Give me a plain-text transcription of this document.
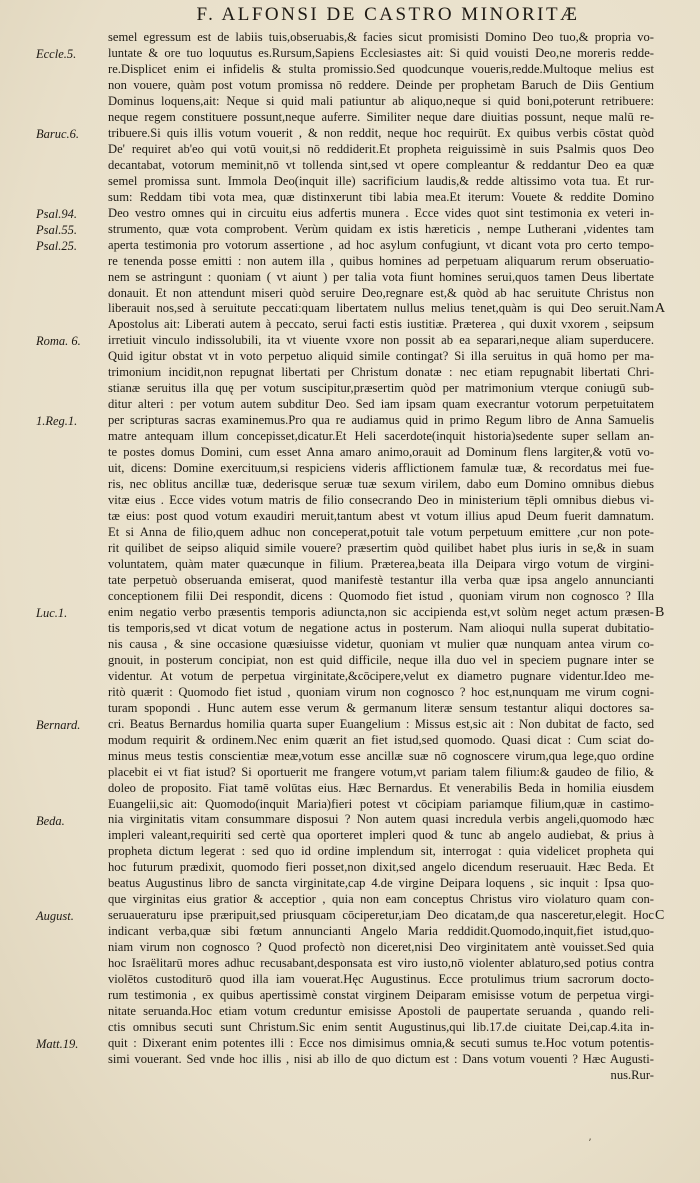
F. ALFONSI DE CASTRO MINORITÆ
Eccle.5.
Baruc.6.
Psal.94.
Psal.55.
Psal.25.
Roma. 6.
1.Reg.1.
Luc.1.
Bernard.
Beda.
August.
Matt.19.
A
B
C
semel egressum est de labiis tuis,obseruabis,& facies sicut promisisti Domino Deo tuo,& propria vo-
luntate & ore tuo loquutus es.Rursum,Sapiens Ecclesiastes ait: Si quid vouisti Deo,ne moreris redde-
re.Displicet enim ei infidelis & stulta promissio.Sed quodcunque voueris,redde.Multoque melius est
non vouere, quàm post votum promissa nō reddere. Deinde per prophetam Baruch de Diis Gentium
Dominus loquens,ait: Neque si quid mali patiuntur ab aliquo,neque si quid boni,poterunt retribuere:
neque regem constituere possunt,neque auferre. Similiter neque dare diuitias possunt, neque malū re-
tribuere.Si quis illis votum vouerit , & non reddit, neque hoc requirūt. Ex quibus verbis cōstat quòd
De' requiret ab'eo qui votū vouit,si nō reddiderit.Et propheta reiguissimè in suis Psalmis quos Deo
decantabat, votorum meminit,nō vt tollenda sint,sed vt opere compleantur & reddantur Deo ea quæ
semel promissa sunt. Immola Deo(inquit ille) sacrificium laudis,& redde altissimo vota tua. Et rur-
sum: Reddam tibi vota mea, quæ distinxerunt tibi labia mea.Et iterum: Vouete & reddite Domino
Deo vestro omnes qui in circuitu eius adfertis munera . Ecce vides quot sint testimonia ex veteri in-
strumento, quæ vota comprobent. Verùm quidam ex istis hæreticis , nempe Lutherani ,videntes tam
aperta testimonia pro votorum assertione , ad hoc asylum confugiunt, vt dicant vota pro certo tempo-
re tenenda posse emitti : non autem illa , quibus homines ad perpetuam aliquarum rerum obseruatio-
nem se astringunt : quoniam ( vt aiunt ) per talia vota fiunt homines serui,quos tamen Deus libertate
donauit. Et non attendunt miseri quòd seruire Deo,regnare est,& quòd ab hac seruitute Christus non
liberauit nos,sed à seruitute peccati:quam libertatem nullus melius tenet,quàm is qui Deo seruit.Nam
Apostolus ait: Liberati autem à peccato, serui facti estis iustitiæ. Præterea , qui duxit vxorem , seipsum
irretiuit vinculo indissolubili, ita vt viuente vxore non possit ab ea separari,neque aliam superducere.
Quid igitur obstat vt in voto perpetuo aliquid simile contingat? Si illa seruitus in quā homo per ma-
trimonium incidit,non repugnat libertati per Christum donatæ : nec etiam repugnabit libertati Chri-
stianæ seruitus illa quę per votum suscipitur,præsertim quòd per matrimonium vterque coniugū sub-
ditur alteri : per votum autem subditur Deo. Sed iam ipsam quam execrantur votorum perpetuitatem
per scripturas sacras examinemus.Pro qua re audiamus quid in primo Regum libro de Anna Samuelis
matre antequam illum concepisset,dicatur.Et Heli sacerdote(inquit historia)sedente super sellam an-
te postes domus Domini, cum esset Anna amaro animo,orauit ad Dominum flens largiter,& votū vo-
uit, dicens: Domine exercituum,si respiciens videris afflictionem famulæ tuæ, & recordatus mei fue-
ris, nec oblitus ancillæ tuæ, dederisque seruæ tuæ sexum virilem, dabo eum Domino omnibus diebus
vitæ eius . Ecce vides votum matris de filio consecrando Deo in ministerium tēpli omnibus diebus vi-
tæ eius: post quod votum exaudiri meruit,tantum abest vt votum illius apud Deum fuerit damnatum.
Et si Anna de filio,quem adhuc non conceperat,potuit tale votum perpetuum emittere ,cur non pote-
rit quilibet de seipso aliquid simile vouere? præsertim quòd quilibet habet plus iuris in se,& in suam
voluntatem, quàm mater quæcunque in filium. Præterea,beata illa Deipara virgo votum de virgini-
tate perpetuò obseruanda emiserat, quod manifestè testantur illa verba quæ ipsa angelo annuncianti
conceptionem filii Dei respondit, dicens : Quomodo fiet istud , quoniam virum non cognosco ? Illa
enim negatio verbo præsentis temporis adiuncta,non sic accipienda est,vt solùm neget actum præsen-
tis temporis,sed vt dicat votum de negatione actus in posterum. Nam alioqui nulla superat dubitatio-
nis causa , & sine occasione quæsiuisse videtur, quoniam vt mulier quæ nunquam antea virum co-
gnouit, in posterum concipiat, non est quid difficile, neque illa duo vel in speciem pugnare inter se
videntur. At votum de perpetua virginitate,&cōcipere,velut ex diametro pugnare videntur.Ideo me-
ritò quærit : Quomodo fiet istud , quoniam virum non cognosco ? hoc est,nunquam me virum cogni-
turam spopondi . Hunc autem esse verum & germanum literæ sensum testantur aliqui doctores sa-
cri. Beatus Bernardus homilia quarta super Euangelium : Missus est,sic ait : Non dubitat de facto, sed
modum requirit & ordinem.Nec enim quærit an fiet istud,sed quomodo. Quasi dicat : Cum sciat do-
minus meus testis conscientiæ meæ,votum esse ancillæ suæ nō cognoscere virum,qua lege,quo ordine
placebit ei vt fiat istud? Si oportuerit me frangere votum,vt pariam talem filium:& gaudeo de filio, &
doleo de proposito. Fiat tamē volūtas eius. Hæc Bernardus. Et venerabilis Beda in homilia eiusdem
Euangelii,sic ait: Quomodo(inquit Maria)fieri potest vt cōcipiam pariamque filium,quæ in castimo-
nia virginitatis vitam consummare disposui ? Non autem quasi incredula verbis angeli,quomodo hæc
impleri valeant,requiriti sed certè qua oporteret impleri quod & tunc ab angelo audiebat, & prius à
propheta dictum legerat : sed quo id ordine implendum sit, interrogat : quia videlicet propheta qui
hoc futurum prædixit, quomodo fieri posset,non dixit,sed angelo dicendum reseruauit. Hæc Beda. Et
beatus Augustinus libro de sancta virginitate,cap 4.de virgine Deipara loquens , sic inquit : Ipsa quo-
que virginitas eius gratior & acceptior , quia non eam conceptus Christus viro violaturo quam con-
seruaueraturu ipse præripuit,sed priusquam cōciperetur,iam Deo dicatam,de qua nasceretur,elegit. Hoc
indicant verba,quæ sibi fœtum annuncianti Angelo Maria reddidit.Quomodo,inquit,fiet istud,quo-
niam virum non cognosco ? Quod profectò non diceret,nisi Deo virginitatem antè vouisset.Sed quia
hoc Israëlitarū mores adhuc recusabant,desponsata est viro iusto,nō violenter ablaturo,sed potius contra
violētos custoditurō quod illa iam vouerat.Hęc Augustinus. Ecce protulimus trium sacrorum docto-
rum testimonia , ex quibus apertissimè constat virginem Deiparam emisisse votum de perpetua virgi-
nitate seruanda.Hoc etiam votum creduntur emisisse Apostoli de paupertate seruanda , quando reli-
ctis omnibus secuti sunt Christum.Sic enim sentit Augustinus,qui lib.17.de ciuitate Dei,cap.4.ita in-
quit : Dixerant enim potentes illi : Ecce nos dimisimus omnia,& secuti sumus te.Hoc votum potentis-
simi vouerant. Sed vnde hoc illis , nisi ab illo de quo dictum est : Dans votum vouenti ? Hæc Augusti-
nus.Rur-
ʼ
